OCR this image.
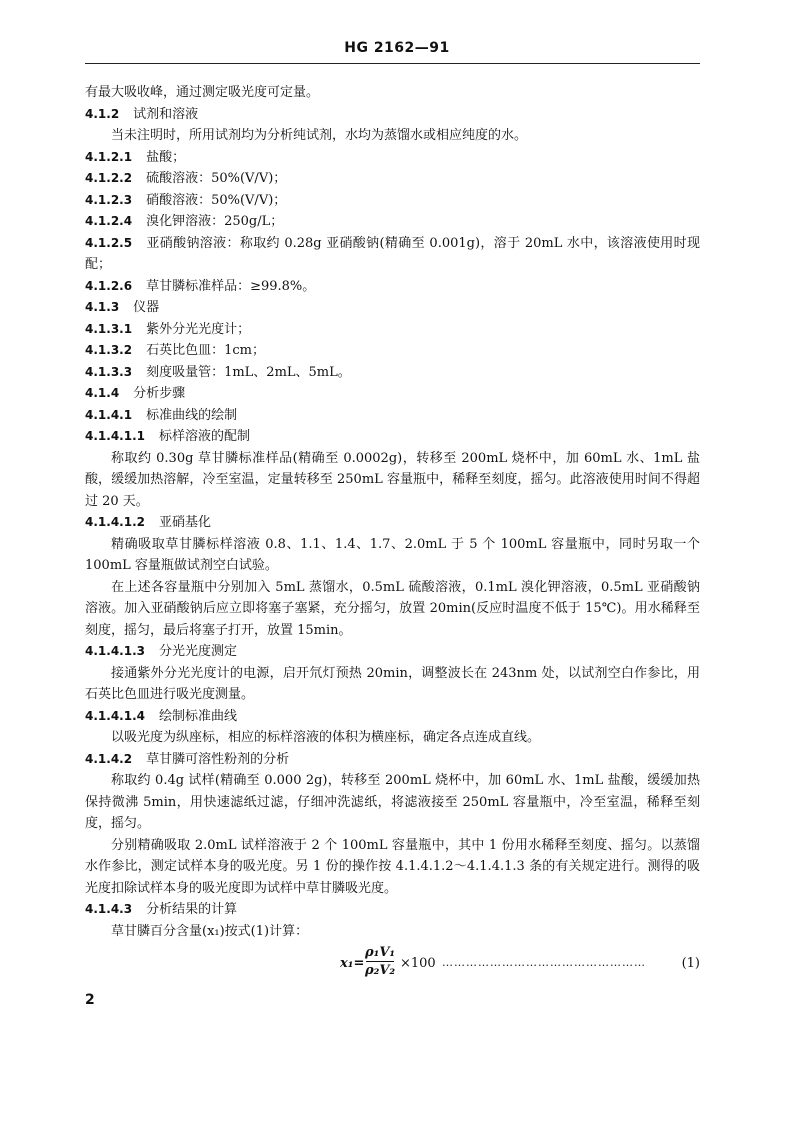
HG 2162—91

有最大吸收峰，通过测定吸光度可定量。

4.1.2 试剂和溶液

当未注明时，所用试剂均为分析纯试剂，水均为蒸馏水或相应纯度的水。

4.1.2.1 盐酸；

4.1.2.2 硫酸溶液：50%(V/V)；

4.1.2.3 硝酸溶液：50%(V/V)；

4.1.2.4 溴化钾溶液：250g/L；

4.1.2.5 亚硝酸钠溶液：称取约 0.28g 亚硝酸钠(精确至 0.001g)，溶于 20mL 水中，该溶液使用时现配；

4.1.2.6 草甘膦标准样品：≥99.8%。

4.1.3 仪器

4.1.3.1 紫外分光光度计；

4.1.3.2 石英比色皿：1cm；

4.1.3.3 刻度吸量管：1mL、2mL、5mL。

4.1.4 分析步骤

4.1.4.1 标准曲线的绘制

4.1.4.1.1 标样溶液的配制

称取约 0.30g 草甘膦标准样品(精确至 0.0002g)，转移至 200mL 烧杯中，加 60mL 水、1mL 盐酸，缓缓加热溶解，冷至室温，定量转移至 250mL 容量瓶中，稀释至刻度，摇匀。此溶液使用时间不得超过 20 天。

4.1.4.1.2 亚硝基化

精确吸取草甘膦标样溶液 0.8、1.1、1.4、1.7、2.0mL 于 5 个 100mL 容量瓶中，同时另取一个 100mL 容量瓶做试剂空白试验。

在上述各容量瓶中分别加入 5mL 蒸馏水，0.5mL 硫酸溶液，0.1mL 溴化钾溶液，0.5mL 亚硝酸钠溶液。加入亚硝酸钠后应立即将塞子塞紧，充分摇匀，放置 20min(反应时温度不低于 15℃)。用水稀释至刻度，摇匀，最后将塞子打开，放置 15min。

4.1.4.1.3 分光光度测定

接通紫外分光光度计的电源，启开氘灯预热 20min，调整波长在 243nm 处，以试剂空白作参比，用石英比色皿进行吸光度测量。

4.1.4.1.4 绘制标准曲线

以吸光度为纵座标，相应的标样溶液的体积为横座标，确定各点连成直线。

4.1.4.2 草甘膦可溶性粉剂的分析

称取约 0.4g 试样(精确至 0.000 2g)，转移至 200mL 烧杯中，加 60mL 水、1mL 盐酸，缓缓加热保持微沸 5min，用快速滤纸过滤，仔细冲洗滤纸，将滤液接至 250mL 容量瓶中，冷至室温，稀释至刻度，摇匀。

分别精确吸取 2.0mL 试样溶液于 2 个 100mL 容量瓶中，其中 1 份用水稀释至刻度、摇匀。以蒸馏水作参比，测定试样本身的吸光度。另 1 份的操作按 4.1.4.1.2～4.1.4.1.3 条的有关规定进行。测得的吸光度扣除试样本身的吸光度即为试样中草甘膦吸光度。

4.1.4.3 分析结果的计算

草甘膦百分含量(x₁)按式(1)计算：

x₁=
ρ₁V₁
ρ₂V₂ ×100 ……………………………………………	(1)
2
